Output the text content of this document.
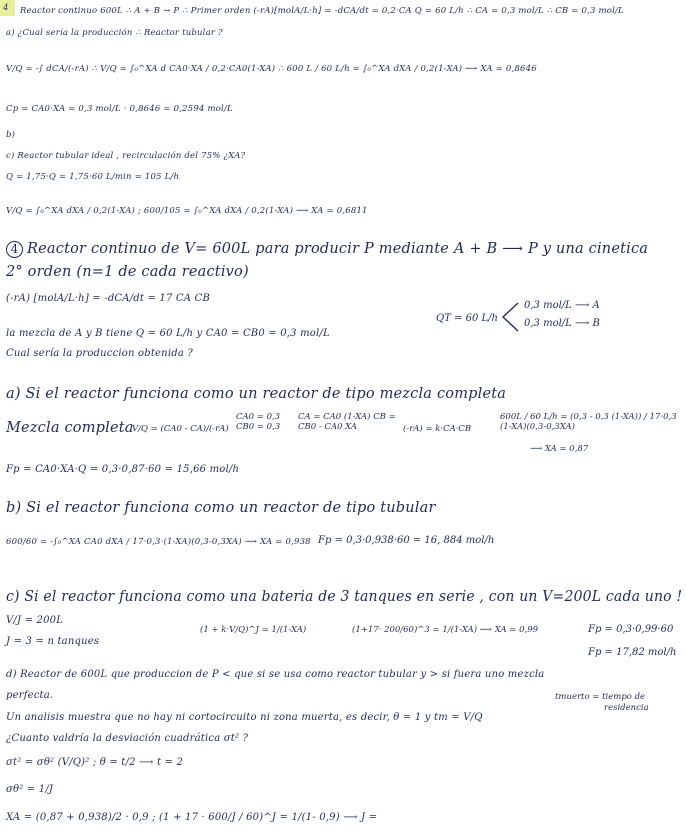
4 Reactor continuo 600L ∴ A + B → P ∴ Primer orden (-rA)[molA/L·h] = -dCA/dt = 0,2·CA Q = 60 L/h ∴ CA = 0,3 mol/L ∴ CB = 0,3 mol/L
a) ¿Cual sería la producción ∴ Reactor tubular ?
V/Q = -∫ dCA/(-rA) ∴ V/Q = ∫₀^XA d CA0·XA / 0,2·CA0(1-XA) ∴ 600 L / 60 L/h = ∫₀^XA dXA / 0,2(1-XA) ⟶ XA = 0,8646
Cp = CA0·XA = 0,3 mol/L · 0,8646 = 0,2594 mol/L
b)
c) Reactor tubular ideal , recirculación del 75% ¿XA?
Q = 1,75·Q = 1,75·60 L/min = 105 L/h
V/Q = ∫₀^XA dXA / 0,2(1-XA) ; 600/105 = ∫₀^XA dXA / 0,2(1-XA) ⟶ XA = 0,6811
4 Reactor continuo de V= 600L para producir P mediante A + B ⟶ P y una cinetica
2° orden (n=1 de cada reactivo)
(-rA) [molA/L·h] = -dCA/dt = 17 CA CB
QT = 60 L/h
0,3 mol/L ⟶ A
0,3 mol/L ⟶ B
la mezcla de A y B tiene Q = 60 L/h y CA0 = CB0 = 0,3 mol/L
Cual sería la produccion obtenida ?
a) Si el reactor funciona como un reactor de tipo mezcla completa
Mezcla completa
V/Q = (CA0 - CA)/(-rA)
CA0 = 0,3 CB0 = 0,3
CA = CA0 (1-XA) CB = CB0 - CA0 XA	(-rA) = k·CA·CB
600L / 60 L/h = (0,3 - 0,3 (1-XA)) / 17·0,3 (1-XA)(0,3-0,3XA)
⟶ XA = 0,87
Fp = CA0·XA·Q = 0,3·0,87·60 = 15,66 mol/h
b) Si el reactor funciona como un reactor de tipo tubular
600/60 = -∫₀^XA CA0 dXA / 17·0,3·(1-XA)(0,3-0,3XA) ⟶ XA = 0,938 Fp = 0,3·0,938·60 = 16, 884 mol/h
c) Si el reactor funciona como una bateria de 3 tanques en serie , con un V=200L cada uno !
V/J = 200L
J = 3 = n tanques
(1 + k·V/Q)^J = 1/(1-XA)	(1+17· 200/60)^3 = 1/(1-XA) ⟶ XA = 0,99	Fp = 0,3·0,99·60
Fp = 17,82 mol/h
d) Reactor de 600L que produccion de P < que si se usa como reactor tubular y > si fuera uno mezcla
perfecta.	tmuerto = tiempo de
residencia
Un analisis muestra que no hay ni cortocircuito ni zona muerta, es decir, θ = 1 y tm = V/Q
¿Cuanto valdría la desviación cuadrática σt² ?
σt² = σθ² (V/Q)² ; θ = t/2 ⟶ t = 2
σθ² = 1/J
XA = (0,87 + 0,938)/2 · 0,9 ; (1 + 17 · 600/J / 60)^J = 1/(1- 0,9) ⟶ J =
